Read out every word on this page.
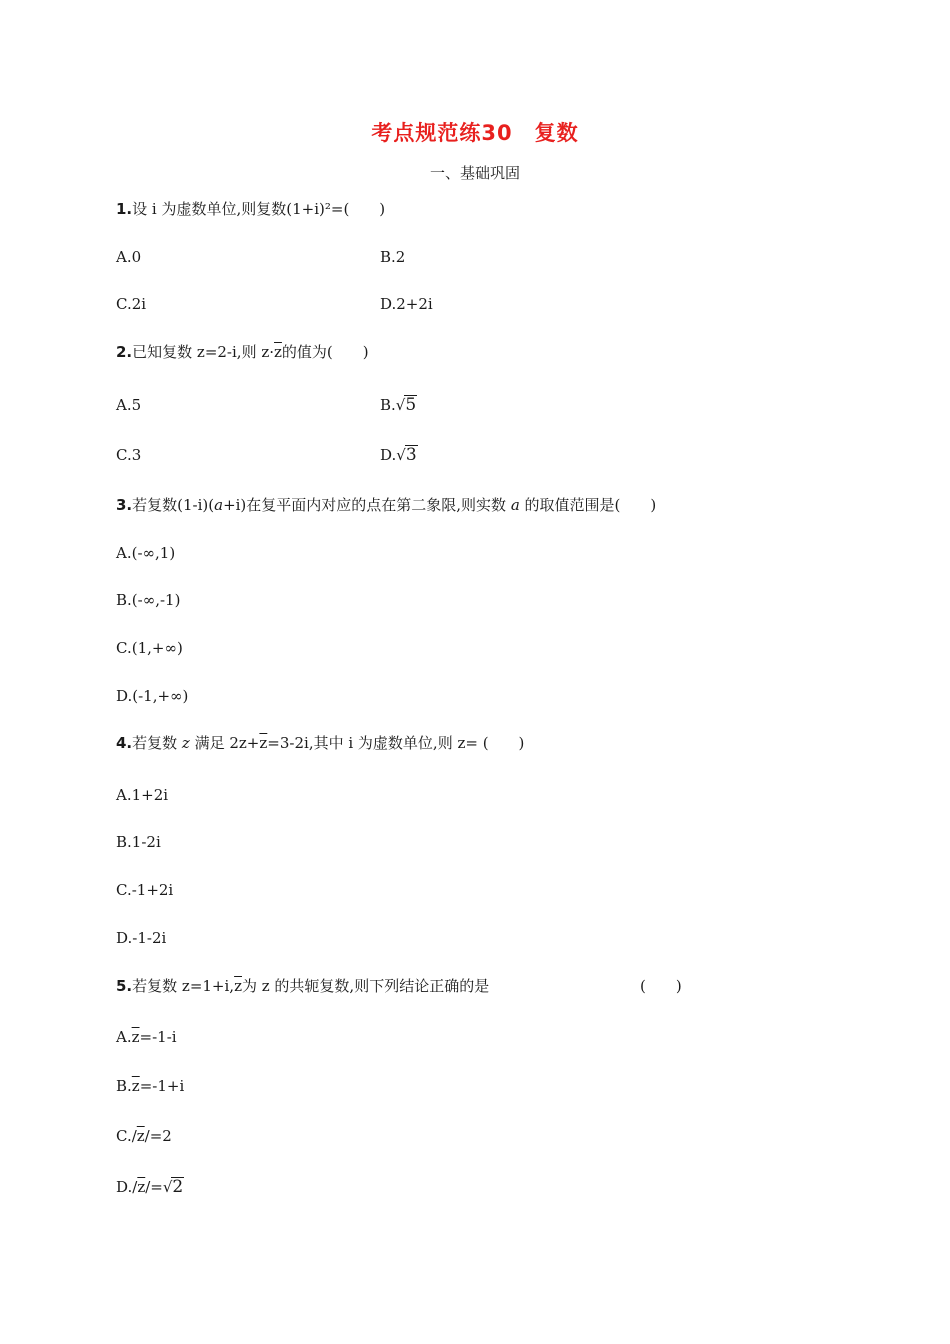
考点规范练30　复数
一、基础巩固
1.设 i 为虚数单位,则复数(1+i)²=(　　)
A.0	B.2
C.2i	D.2+2i
2.已知复数 z=2-i,则 $z\cdot\overline{z}$的值为(　　)
A.5	B.√5
C.3	D.√3
3.若复数(1-i)(a+i)在复平面内对应的点在第二象限,则实数 a 的取值范围是(　　)
A.(-∞,1)
B.(-∞,-1)
C.(1,+∞)
D.(-1,+∞)
4.若复数 z 满足 $2z+\overline{z}=3-2i$,其中 i 为虚数单位,则 z= (　　)
A.1+2i
B.1-2i
C.-1+2i
D.-1-2i
5.若复数 $z=1+i,\overline{z}$为 z 的共轭复数,则下列结论正确的是	(　　)
$A.\overline{z}=-1-i$
$B.\overline{z}=-1+i$
$C./\overline{z}/=2$
$D./\overline{z}/=√2$
